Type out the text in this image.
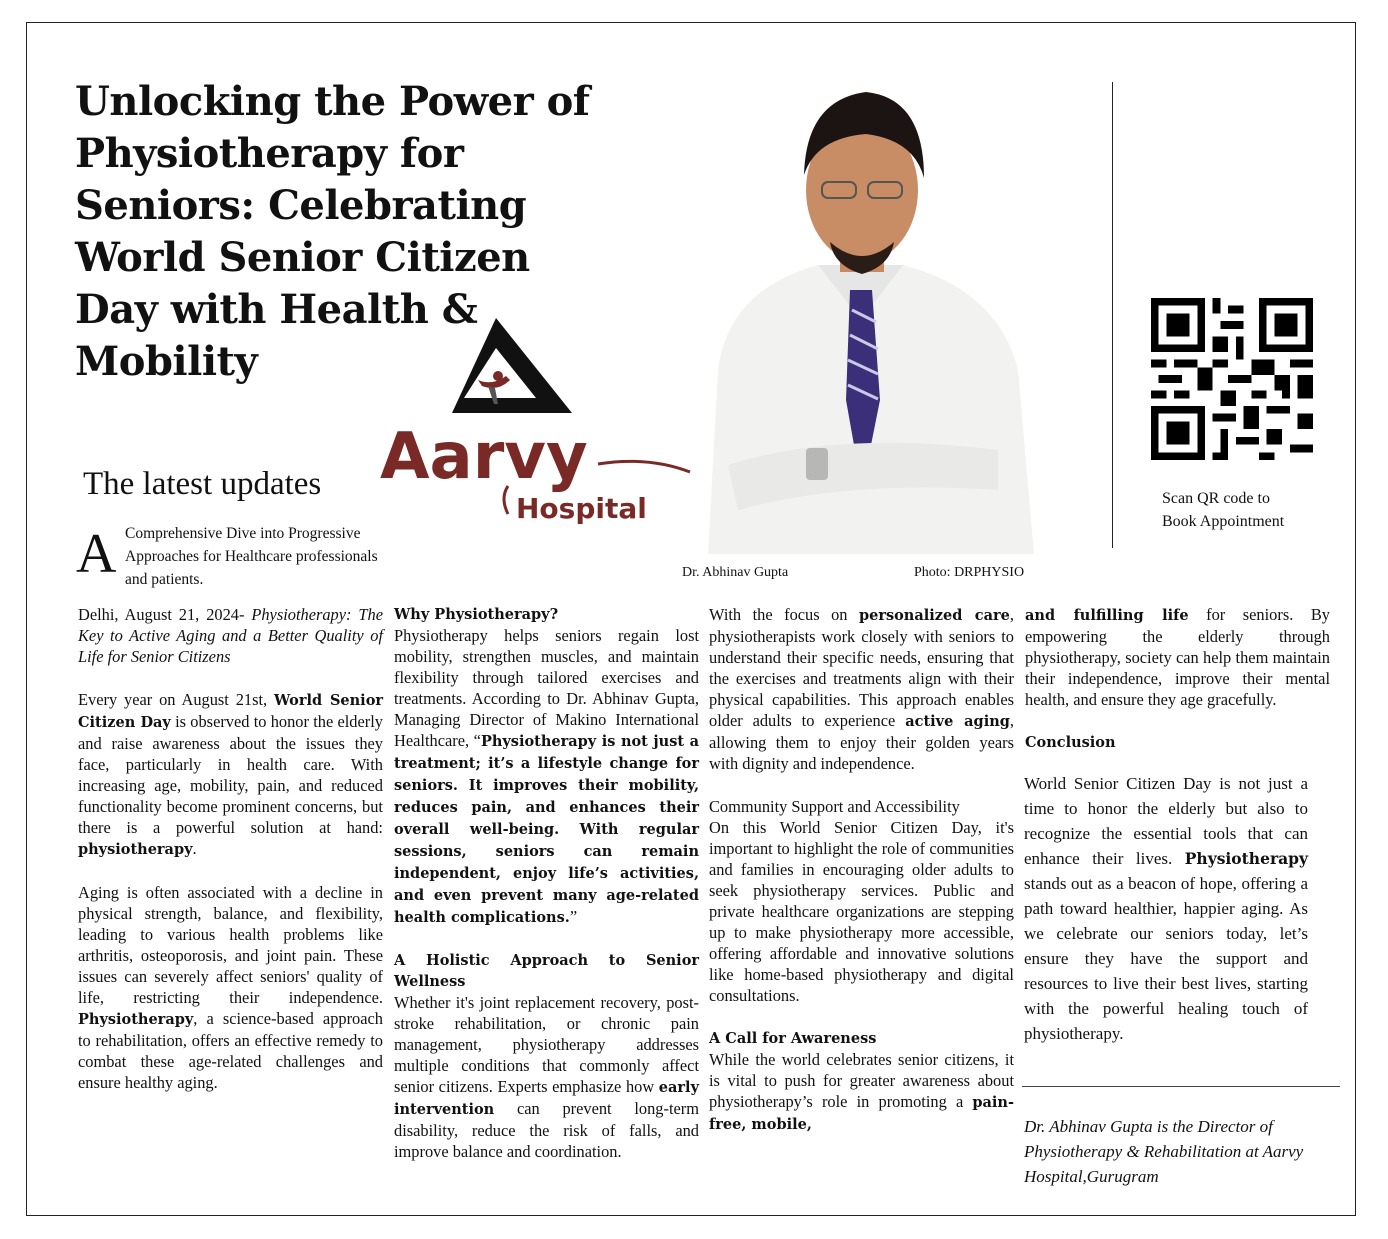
Unlocking the Power of Physiotherapy for Seniors: Celebrating World Senior Citizen Day with Health & Mobility
Aarvy
Hospital	Scan QR code to
Book Appointment
The latest updates
A Comprehensive Dive into Progressive Approaches for Healthcare professionals and patients.	Dr. Abhinav Gupta	Photo: DRPHYSIO

Delhi, August 21, 2024- Physiotherapy: The Key to Active Aging and a Better Quality of Life for Senior Citizens

Every year on August 21st, World Senior Citizen Day is observed to honor the elderly and raise awareness about the issues they face, particularly in health care. With increasing age, mobility, pain, and reduced functionality become prominent concerns, but there is a powerful solution at hand: physiotherapy.

Aging is often associated with a decline in physical strength, balance, and flexibility, leading to various health problems like arthritis, osteoporosis, and joint pain. These issues can severely affect seniors' quality of life, restricting their independence. Physiotherapy, a science-based approach to rehabilitation, offers an effective remedy to combat these age-related challenges and ensure healthy aging.

Why Physiotherapy?

Physiotherapy helps seniors regain lost mobility, strengthen muscles, and maintain flexibility through tailored exercises and treatments. According to Dr. Abhinav Gupta, Managing Director of Makino International Healthcare, “Physiotherapy is not just a treatment; it’s a lifestyle change for seniors. It improves their mobility, reduces pain, and enhances their overall well-being. With regular sessions, seniors can remain independent, enjoy life’s activities, and even prevent many age-related health complications.”

A Holistic Approach to Senior Wellness

Whether it's joint replacement recovery, post-stroke rehabilitation, or chronic pain management, physiotherapy addresses multiple conditions that commonly affect senior citizens. Experts emphasize how early intervention can prevent long-term disability, reduce the risk of falls, and improve balance and coordination.

With the focus on personalized care, physiotherapists work closely with seniors to understand their specific needs, ensuring that the exercises and treatments align with their physical capabilities. This approach enables older adults to experience active aging, allowing them to enjoy their golden years with dignity and independence.

Community Support and Accessibility

On this World Senior Citizen Day, it's important to highlight the role of communities and families in encouraging older adults to seek physiotherapy services. Public and private healthcare organizations are stepping up to make physiotherapy more accessible, offering affordable and innovative solutions like home-based physiotherapy and digital consultations.

A Call for Awareness

While the world celebrates senior citizens, it is vital to push for greater awareness about physiotherapy’s role in promoting a pain-free, mobile,

and fulfilling life for seniors. By empowering the elderly through physiotherapy, society can help them maintain their independence, improve their mental health, and ensure they age gracefully.

Conclusion
World Senior Citizen Day is not just a time to honor the elderly but also to recognize the essential tools that can enhance their lives. Physiotherapy stands out as a beacon of hope, offering a path toward healthier, happier aging. As we celebrate our seniors today, let’s ensure they have the support and resources to live their best lives, starting with the powerful healing touch of physiotherapy.
Dr. Abhinav Gupta is the Director of Physiotherapy & Rehabilitation at Aarvy Hospital,Gurugram
